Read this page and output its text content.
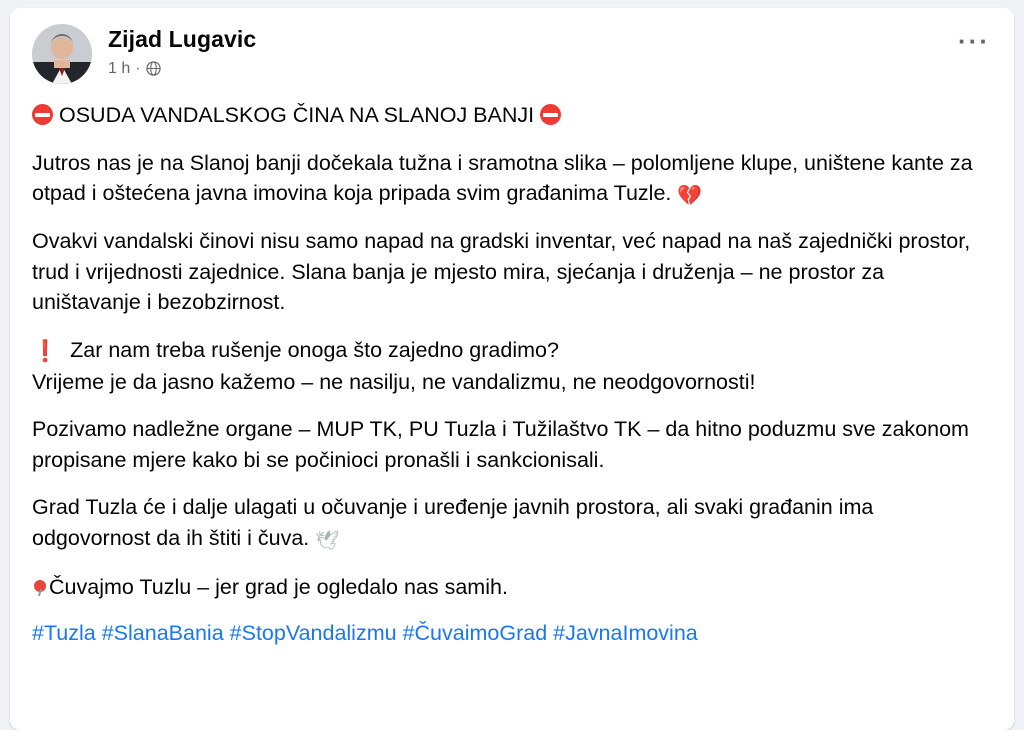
Zijad Lugavic
1 h ·
···

OSUDA VANDALSKOG ČINA NA SLANOJ BANJI

Jutros nas je na Slanoj banji dočekala tužna i sramotna slika – polomljene klupe, uništene kante za otpad i oštećena javna imovina koja pripada svim građanima Tuzle. 💔

Ovakvi vandalski činovi nisu samo napad na gradski inventar, već napad na naš zajednički prostor, trud i vrijednosti zajednice. Slana banja je mjesto mira, sjećanja i druženja – ne prostor za uništavanje i bezobzirnost.

❗ Zar nam treba rušenje onoga što zajedno gradimo?
Vrijeme je da jasno kažemo – ne nasilju, ne vandalizmu, ne neodgovornosti!

Pozivamo nadležne organe – MUP TK, PU Tuzla i Tužilaštvo TK – da hitno poduzmu sve zakonom propisane mjere kako bi se počinioci pronašli i sankcionisali.

Grad Tuzla će i dalje ulagati u očuvanje i uređenje javnih prostora, ali svaki građanin ima odgovornost da ih štiti i čuva. 🕊

Čuvajmo Tuzlu – jer grad je ogledalo nas samih.

#Tuzla #SlanaBania #StopVandalizmu #ČuvaimoGrad #JavnaImovina
